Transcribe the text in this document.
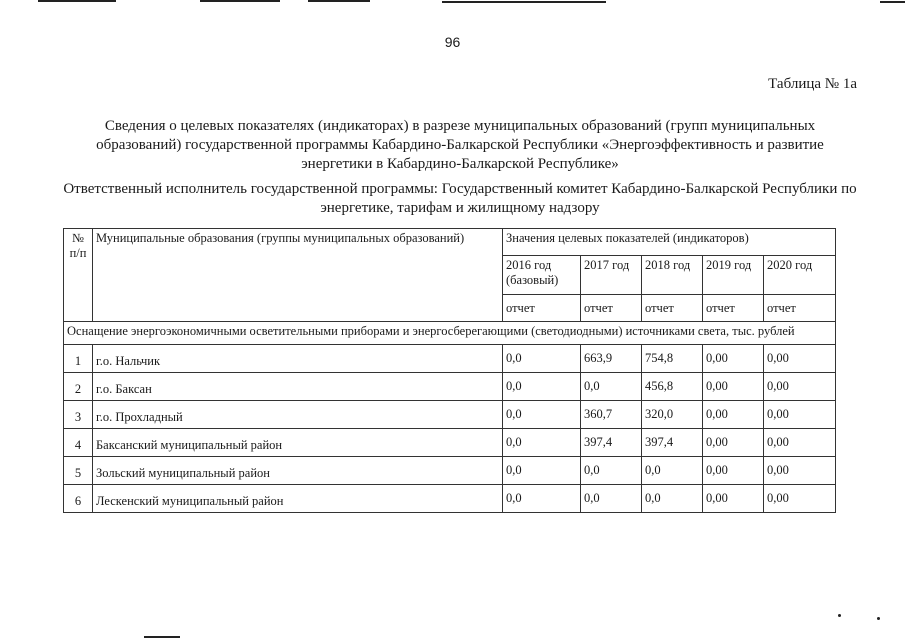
96
Таблица № 1а
Сведения о целевых показателях (индикаторах) в разрезе муниципальных образований (групп муниципальных образований) государственной программы Кабардино-Балкарской Республики «Энергоэффективность и развитие энергетики в Кабардино-Балкарской Республике»
Ответственный исполнитель государственной программы: Государственный комитет Кабардино-Балкарской Республики по энергетике, тарифам и жилищному надзору
№ п/п	Муниципальные образования (группы муниципальных образований)	Значения целевых показателей (индикаторов)				
		2016 год (базовый)	2017 год	2018 год	2019 год	2020 год
		отчет	отчет	отчет	отчет	отчет
Оснащение энергоэкономичными осветительными приборами и энергосберегающими (светодиодными) источниками света, тыс. рублей						
1	г.о. Нальчик	0,0	663,9	754,8	0,00	0,00
2	г.о. Баксан	0,0	0,0	456,8	0,00	0,00
3	г.о. Прохладный	0,0	360,7	320,0	0,00	0,00
4	Баксанский муниципальный район	0,0	397,4	397,4	0,00	0,00
5	Зольский муниципальный район	0,0	0,0	0,0	0,00	0,00
6	Лескенский муниципальный район	0,0	0,0	0,0	0,00	0,00
